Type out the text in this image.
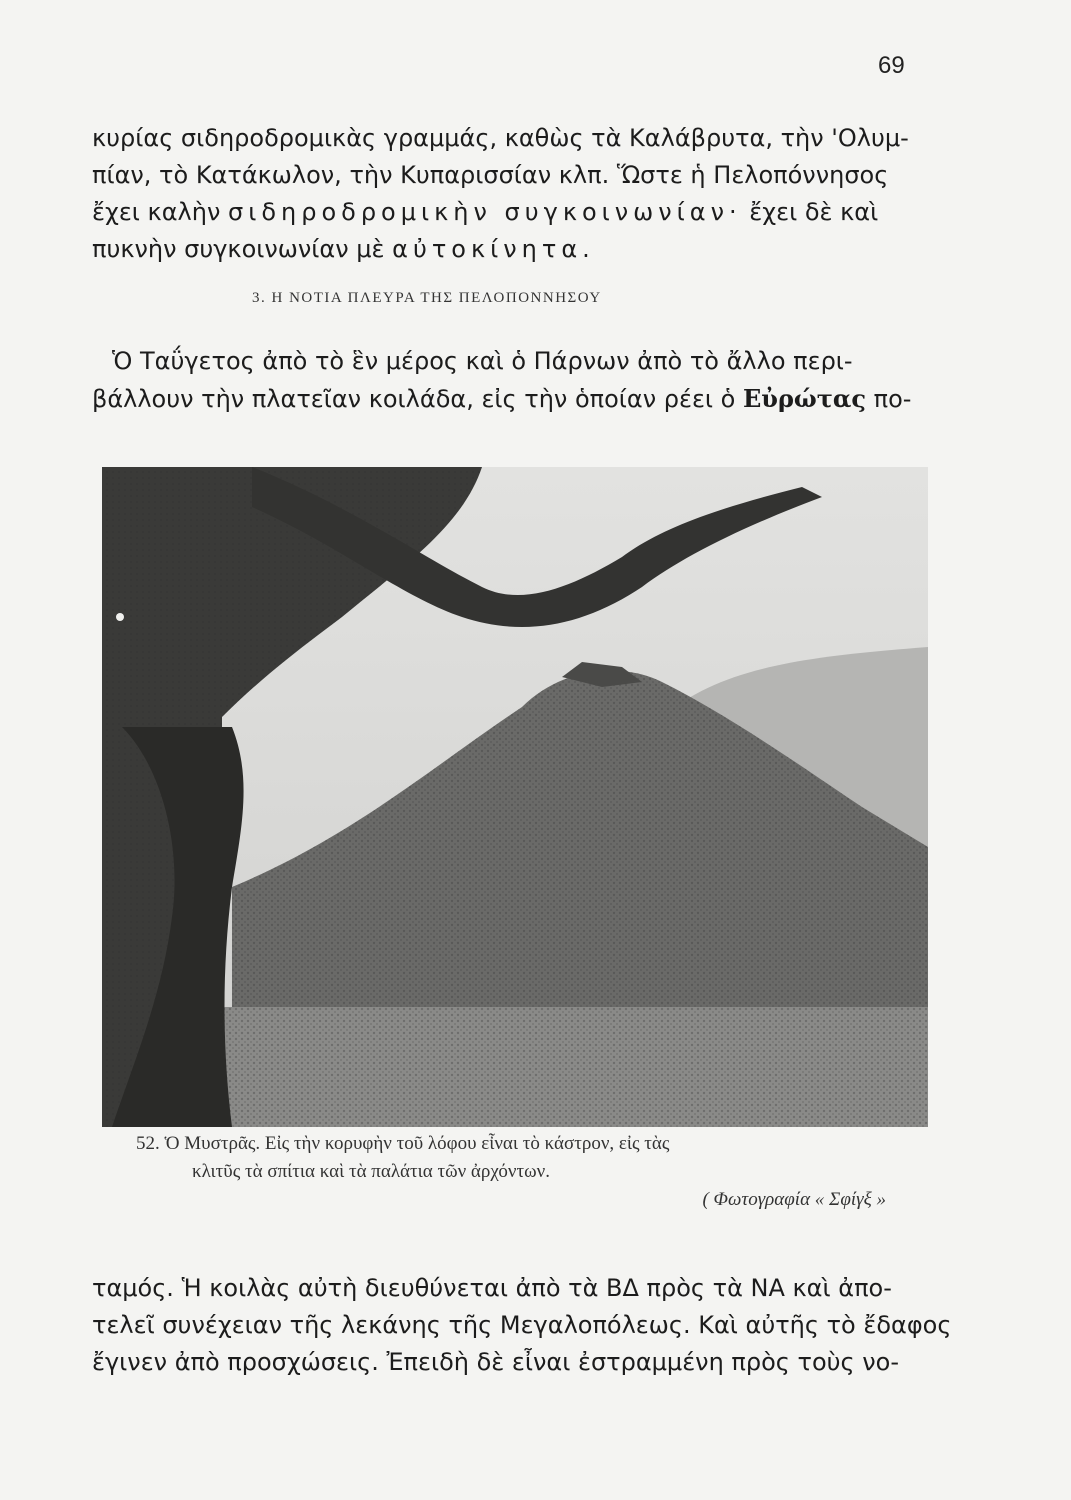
69
κυρίας σιδηροδρομικὰς γραμμάς, καθὼς τὰ Καλάβρυτα, τὴν 'Ολυμ-
πίαν, τὸ Κατάκωλον, τὴν Κυπαρισσίαν κλπ. Ὥστε ἡ Πελοπόννησος
ἔχει καλὴν σιδηροδρομικὴν συγκοινωνίαν· ἔχει δὲ καὶ
πυκνὴν συγκοινωνίαν μὲ αὐτοκίνητα.
3. Η ΝΟΤΙΑ ΠΛΕΥΡΑ ΤΗΣ ΠΕΛΟΠΟΝΝΗΣΟΥ
Ὁ Ταΰγετος ἀπὸ τὸ ἓν μέρος καὶ ὁ Πάρνων ἀπὸ τὸ ἄλλο περι-
βάλλουν τὴν πλατεῖαν κοιλάδα, εἰς τὴν ὁποίαν ρέει ὁ Εὐρώτας πο-
52. Ὁ Μυστρᾶς. Εἰς τὴν κορυφὴν τοῦ λόφου εἶναι τὸ κάστρον, εἰς τὰς
κλιτῦς τὰ σπίτια καὶ τὰ παλάτια τῶν ἀρχόντων.
( Φωτογραφία « Σφίγξ »
ταμός. Ἡ κοιλὰς αὐτὴ διευθύνεται ἀπὸ τὰ ΒΔ πρὸς τὰ ΝΑ καὶ ἀπο-
τελεῖ συνέχειαν τῆς λεκάνης τῆς Μεγαλοπόλεως. Καὶ αὐτῆς τὸ ἔδαφος
ἔγινεν ἀπὸ προσχώσεις. Ἐπειδὴ δὲ εἶναι ἐστραμμένη πρὸς τοὺς νο-
